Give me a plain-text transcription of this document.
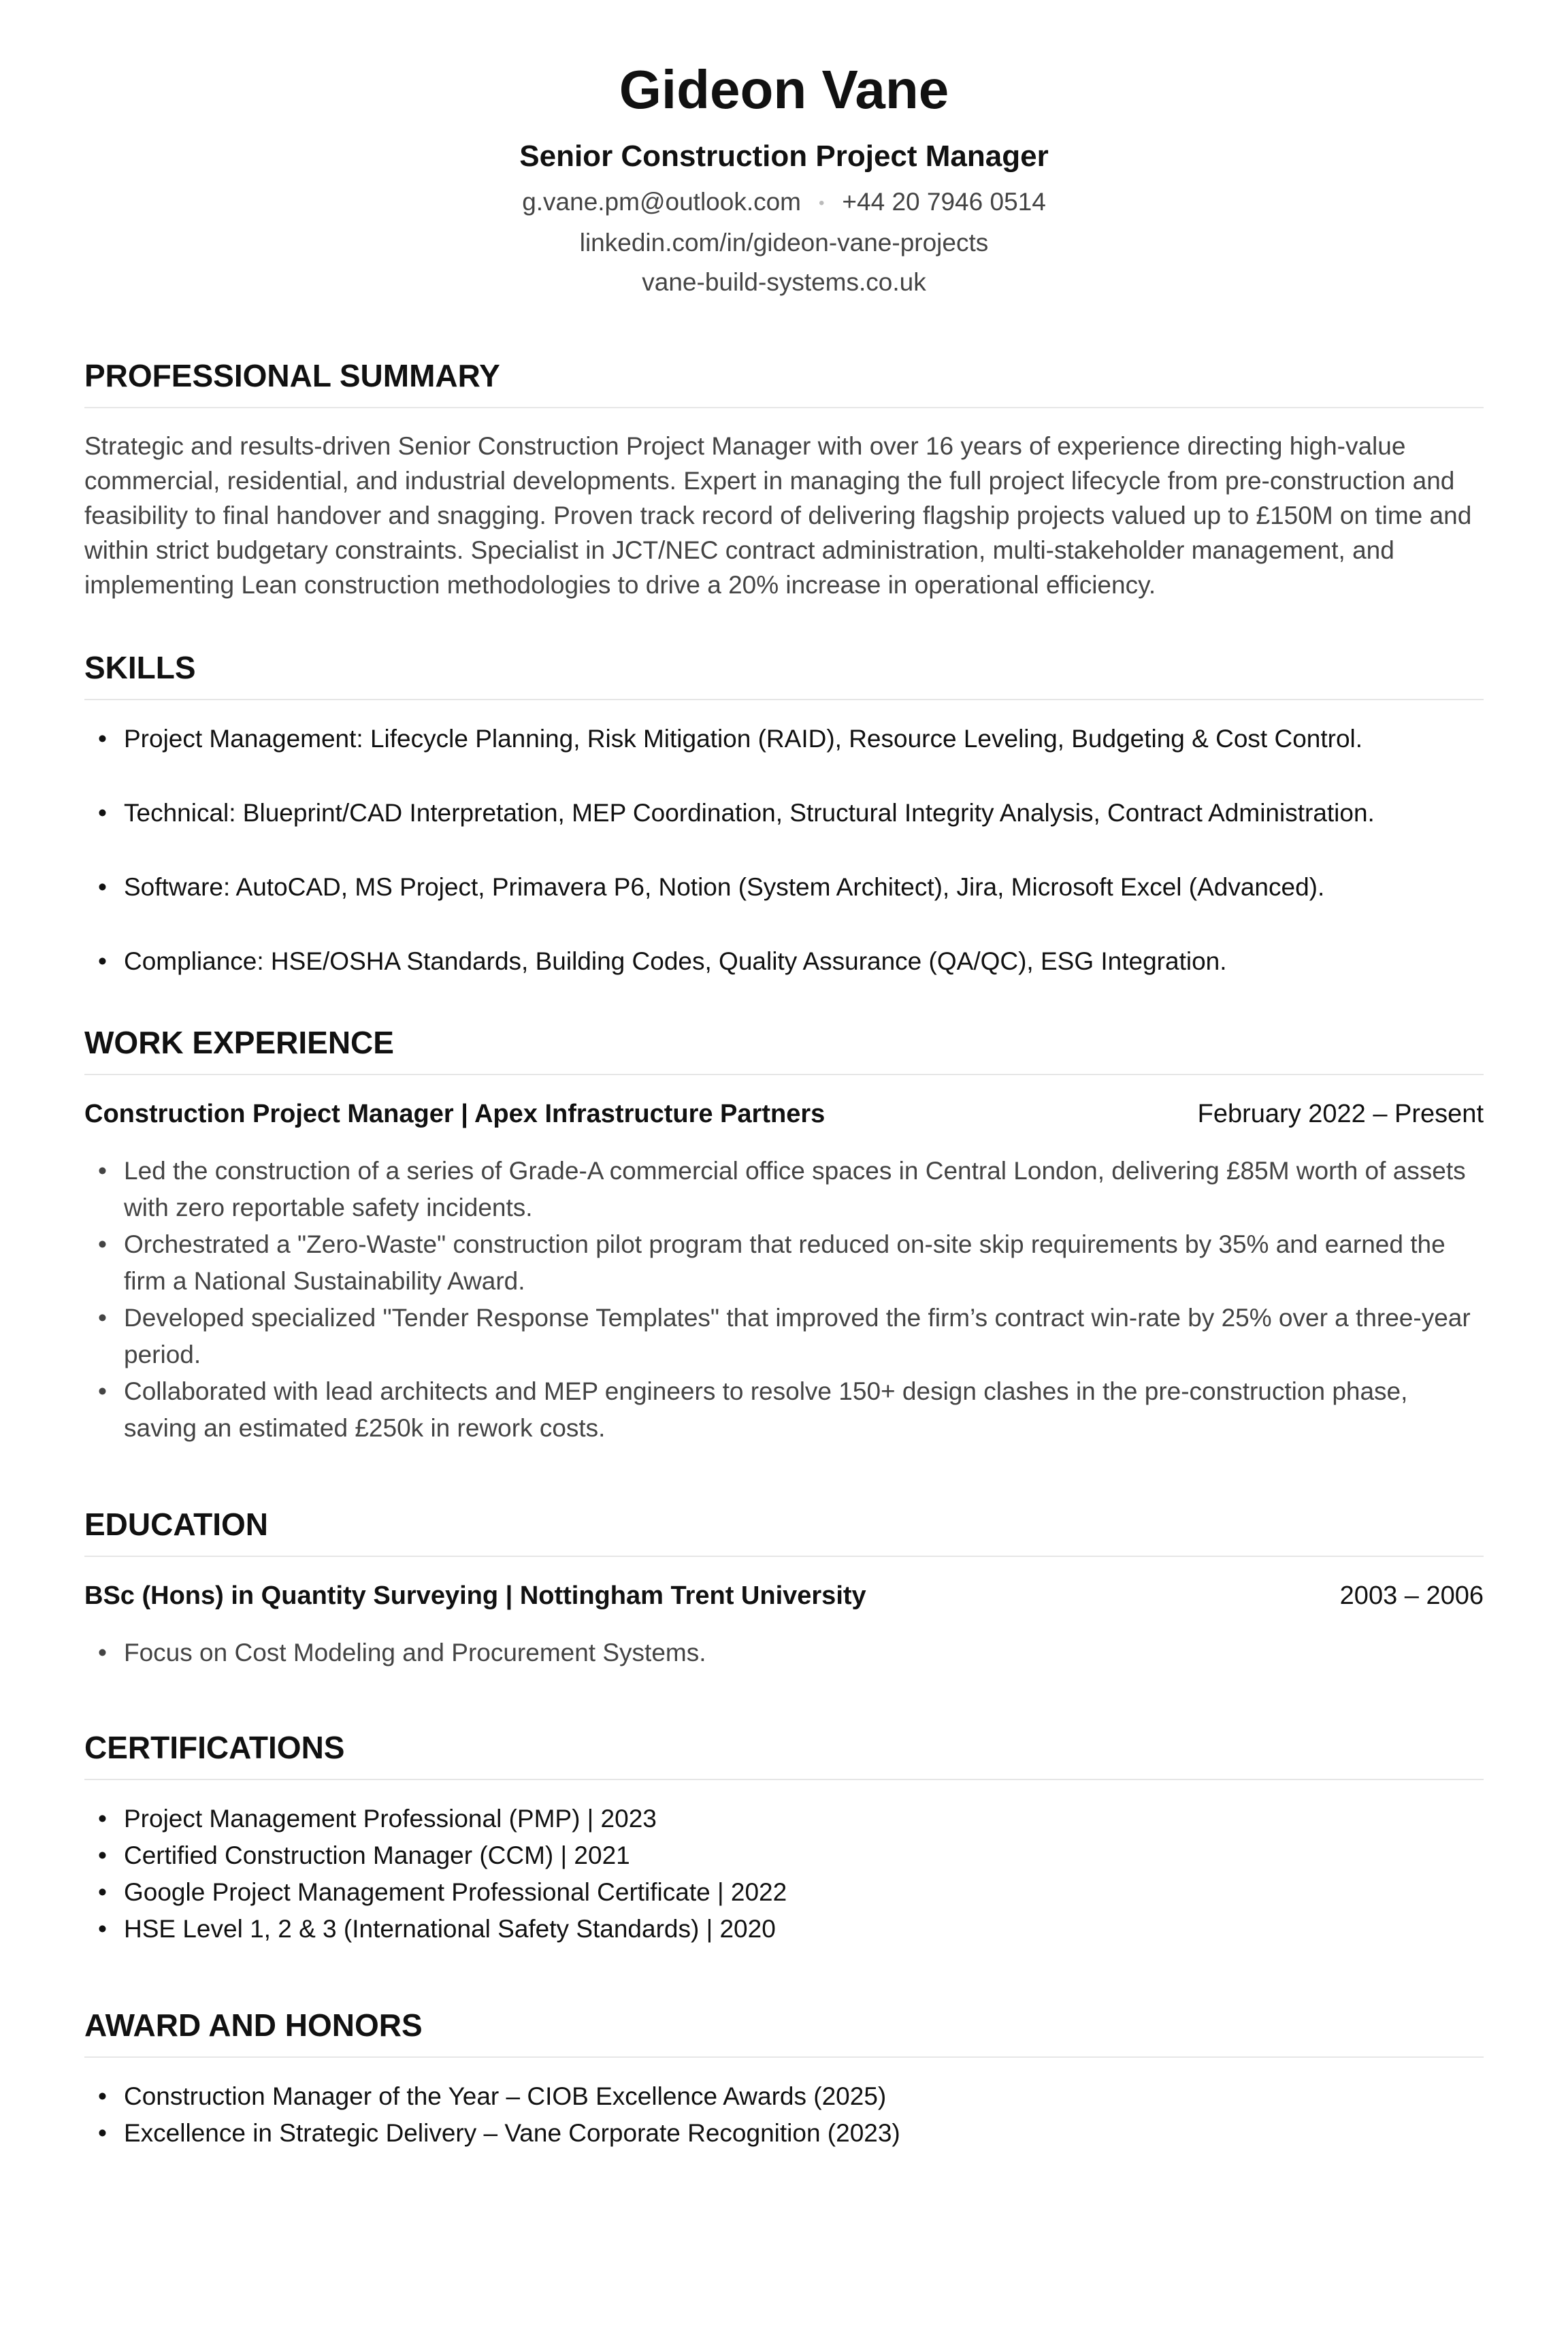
Gideon Vane
Senior Construction Project Manager
g.vane.pm@outlook.com • +44 20 7946 0514
linkedin.com/in/gideon-vane-projects
vane-build-systems.co.uk
PROFESSIONAL SUMMARY
Strategic and results-driven Senior Construction Project Manager with over 16 years of experience directing high-value commercial, residential, and industrial developments. Expert in managing the full project lifecycle from pre-construction and feasibility to final handover and snagging. Proven track record of delivering flagship projects valued up to £150M on time and within strict budgetary constraints. Specialist in JCT/NEC contract administration, multi-stakeholder management, and implementing Lean construction methodologies to drive a 20% increase in operational efficiency.
SKILLS
• Project Management: Lifecycle Planning, Risk Mitigation (RAID), Resource Leveling, Budgeting & Cost Control.
• Technical: Blueprint/CAD Interpretation, MEP Coordination, Structural Integrity Analysis, Contract Administration.
• Software: AutoCAD, MS Project, Primavera P6, Notion (System Architect), Jira, Microsoft Excel (Advanced).
• Compliance: HSE/OSHA Standards, Building Codes, Quality Assurance (QA/QC), ESG Integration.
WORK EXPERIENCE
Construction Project Manager | Apex Infrastructure Partners	February 2022 – Present
• Led the construction of a series of Grade-A commercial office spaces in Central London, delivering £85M worth of assets with zero reportable safety incidents.
• Orchestrated a "Zero-Waste" construction pilot program that reduced on-site skip requirements by 35% and earned the firm a National Sustainability Award.
• Developed specialized "Tender Response Templates" that improved the firm’s contract win-rate by 25% over a three-year period.
• Collaborated with lead architects and MEP engineers to resolve 150+ design clashes in the pre-construction phase, saving an estimated £250k in rework costs.
EDUCATION
BSc (Hons) in Quantity Surveying | Nottingham Trent University	2003 – 2006
• Focus on Cost Modeling and Procurement Systems.
CERTIFICATIONS
• Project Management Professional (PMP) | 2023
• Certified Construction Manager (CCM) | 2021
• Google Project Management Professional Certificate | 2022
• HSE Level 1, 2 & 3 (International Safety Standards) | 2020
AWARD AND HONORS
• Construction Manager of the Year – CIOB Excellence Awards (2025)
• Excellence in Strategic Delivery – Vane Corporate Recognition (2023)
